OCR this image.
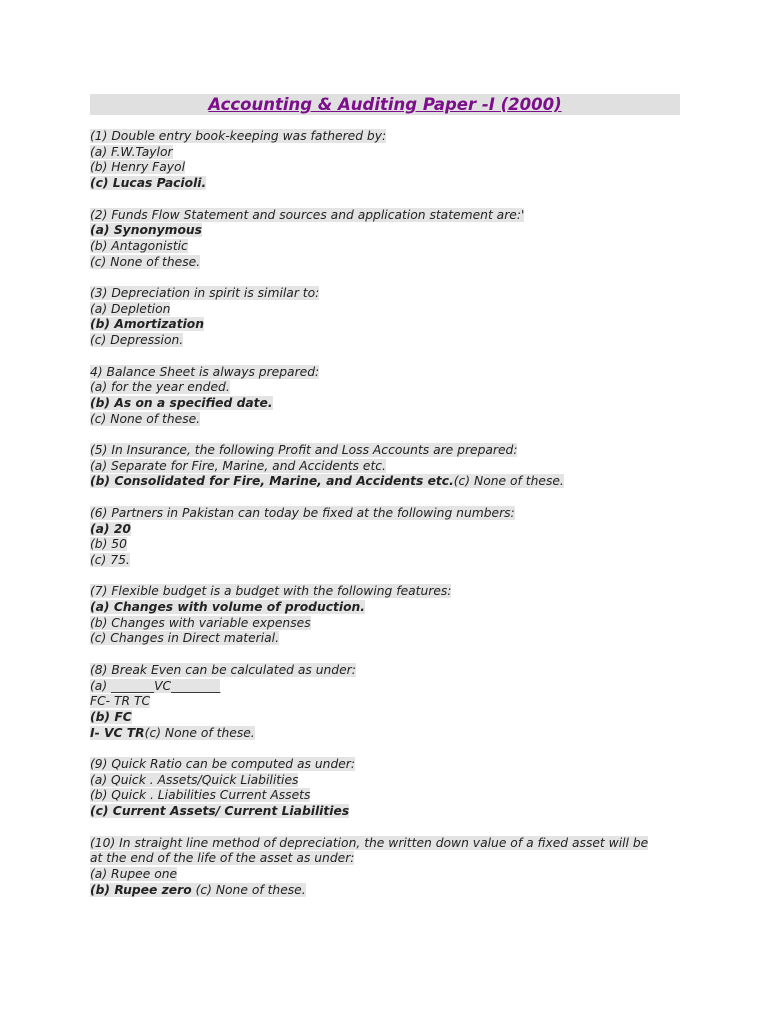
Accounting & Auditing Paper -I (2000)
(1) Double entry book-keeping was fathered by:
(a) F.W.Taylor
(b) Henry Fayol
(c) Lucas Pacioli.
(2) Funds Flow Statement and sources and application statement are:'
(a) Synonymous
(b) Antagonistic
(c) None of these.
(3) Depreciation in spirit is similar to:
(a) Depletion
(b) Amortization
(c) Depression.
4) Balance Sheet is always prepared:
(a) for the year ended.
(b) As on a specified date.
(c) None of these.
(5) In Insurance, the following Profit and Loss Accounts are prepared:
(a) Separate for Fire, Marine, and Accidents etc.
(b) Consolidated for Fire, Marine, and Accidents etc.(c) None of these.
(6) Partners in Pakistan can today be fixed at the following numbers:
(a) 20
(b) 50
(c) 75.
(7) Flexible budget is a budget with the following features:
(a) Changes with volume of production.
(b) Changes with variable expenses
(c) Changes in Direct material.
(8) Break Even can be calculated as under:
(a) _______VC________
FC- TR TC
(b) FC
I- VC TR(c) None of these.
(9) Quick Ratio can be computed as under:
(a) Quick . Assets/Quick Liabilities
(b) Quick . Liabilities Current Assets
(c) Current Assets/ Current Liabilities
(10) In straight line method of depreciation, the written down value of a fixed asset will be
at the end of the life of the asset as under:
(a) Rupee one
(b) Rupee zero (c) None of these.
